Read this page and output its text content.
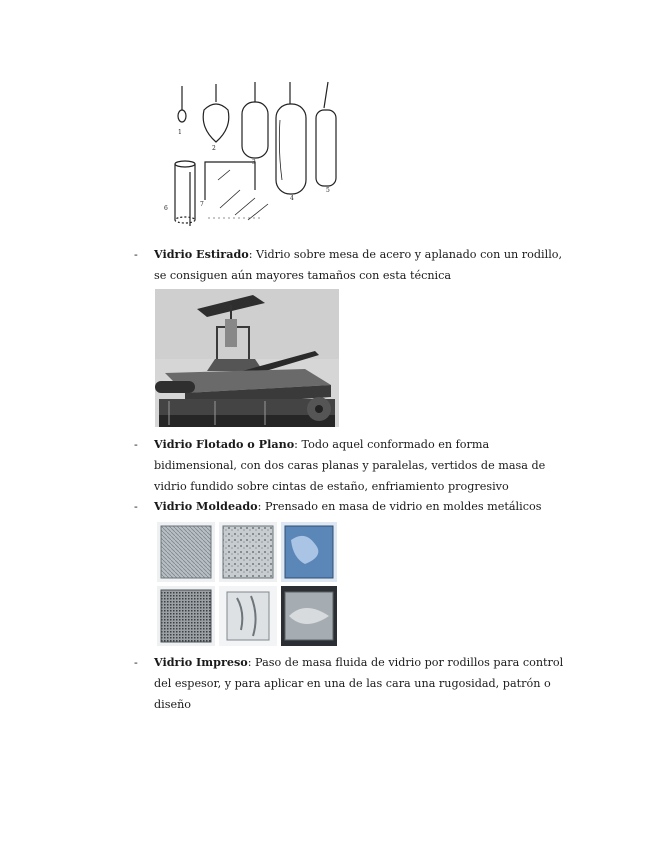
1
2
3
4
5
6
7
-	Vidrio Estirado: Vidrio sobre mesa de acero y aplanado con un rodillo, se consiguen aún mayores tamaños con esta técnica
-	Vidrio Flotado o Plano: Todo aquel conformado en forma bidimensional, con dos caras planas y paralelas, vertidos de masa de vidrio fundido sobre cintas de estaño, enfriamiento progresivo
-	Vidrio Moldeado: Prensado en masa de vidrio en moldes metálicos
-	Vidrio Impreso: Paso de masa fluida de vidrio por rodillos para control del espesor, y para aplicar en una de las cara una rugosidad, patrón o diseño
